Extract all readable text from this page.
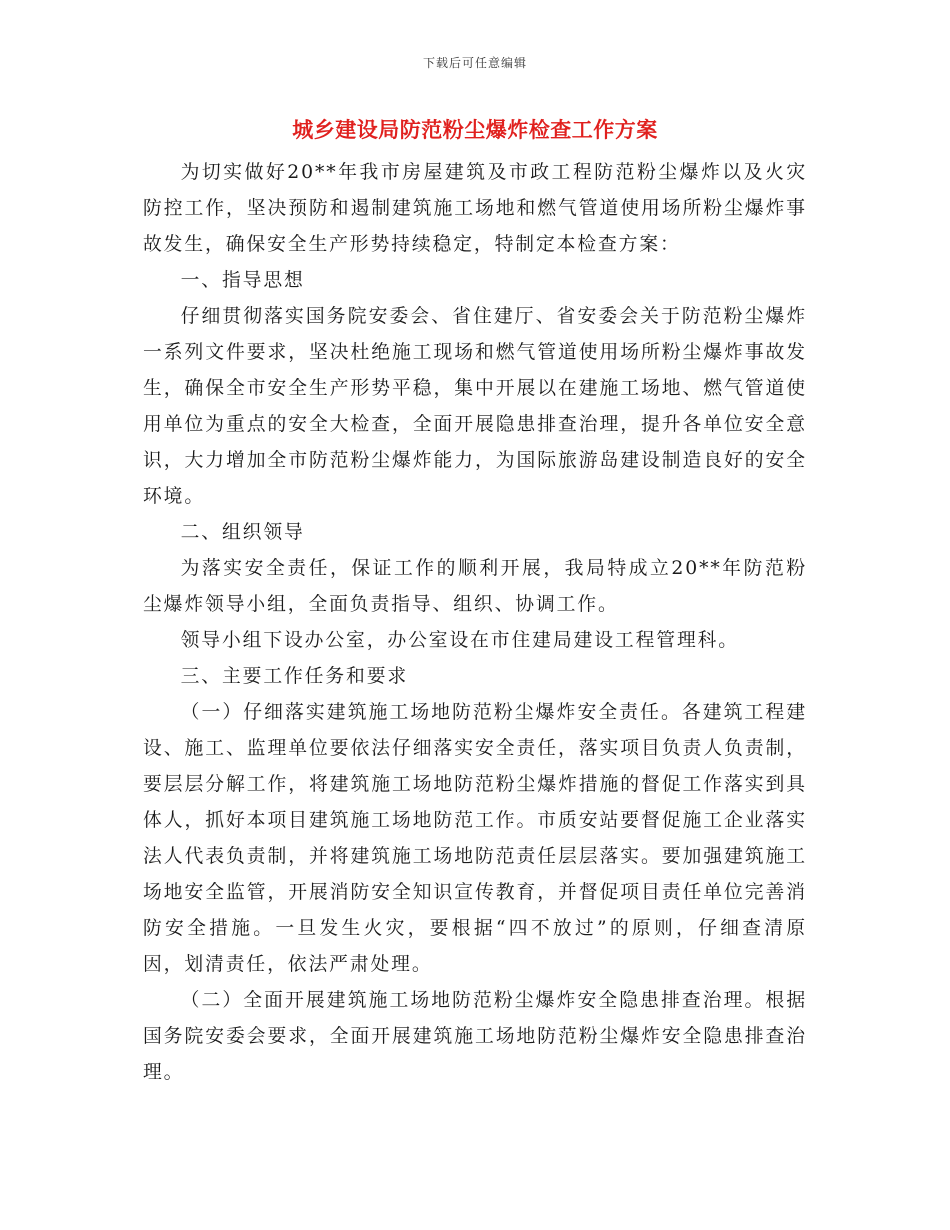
下载后可任意编辑
城乡建设局防范粉尘爆炸检查工作方案

为切实做好20**年我市房屋建筑及市政工程防范粉尘爆炸以及火灾防控工作，坚决预防和遏制建筑施工场地和燃气管道使用场所粉尘爆炸事故发生，确保安全生产形势持续稳定，特制定本检查方案：

一、指导思想

仔细贯彻落实国务院安委会、省住建厅、省安委会关于防范粉尘爆炸一系列文件要求，坚决杜绝施工现场和燃气管道使用场所粉尘爆炸事故发生，确保全市安全生产形势平稳，集中开展以在建施工场地、燃气管道使用单位为重点的安全大检查，全面开展隐患排查治理，提升各单位安全意识，大力增加全市防范粉尘爆炸能力，为国际旅游岛建设制造良好的安全环境。

二、组织领导

为落实安全责任，保证工作的顺利开展，我局特成立20**年防范粉尘爆炸领导小组，全面负责指导、组织、协调工作。

领导小组下设办公室，办公室设在市住建局建设工程管理科。

三、主要工作任务和要求

（一）仔细落实建筑施工场地防范粉尘爆炸安全责任。各建筑工程建设、施工、监理单位要依法仔细落实安全责任，落实项目负责人负责制，要层层分解工作，将建筑施工场地防范粉尘爆炸措施的督促工作落实到具体人，抓好本项目建筑施工场地防范工作。市质安站要督促施工企业落实法人代表负责制，并将建筑施工场地防范责任层层落实。要加强建筑施工场地安全监管，开展消防安全知识宣传教育，并督促项目责任单位完善消防安全措施。一旦发生火灾，要根据“四不放过”的原则，仔细查清原因，划清责任，依法严肃处理。

（二）全面开展建筑施工场地防范粉尘爆炸安全隐患排查治理。根据国务院安委会要求，全面开展建筑施工场地防范粉尘爆炸安全隐患排查治理。
